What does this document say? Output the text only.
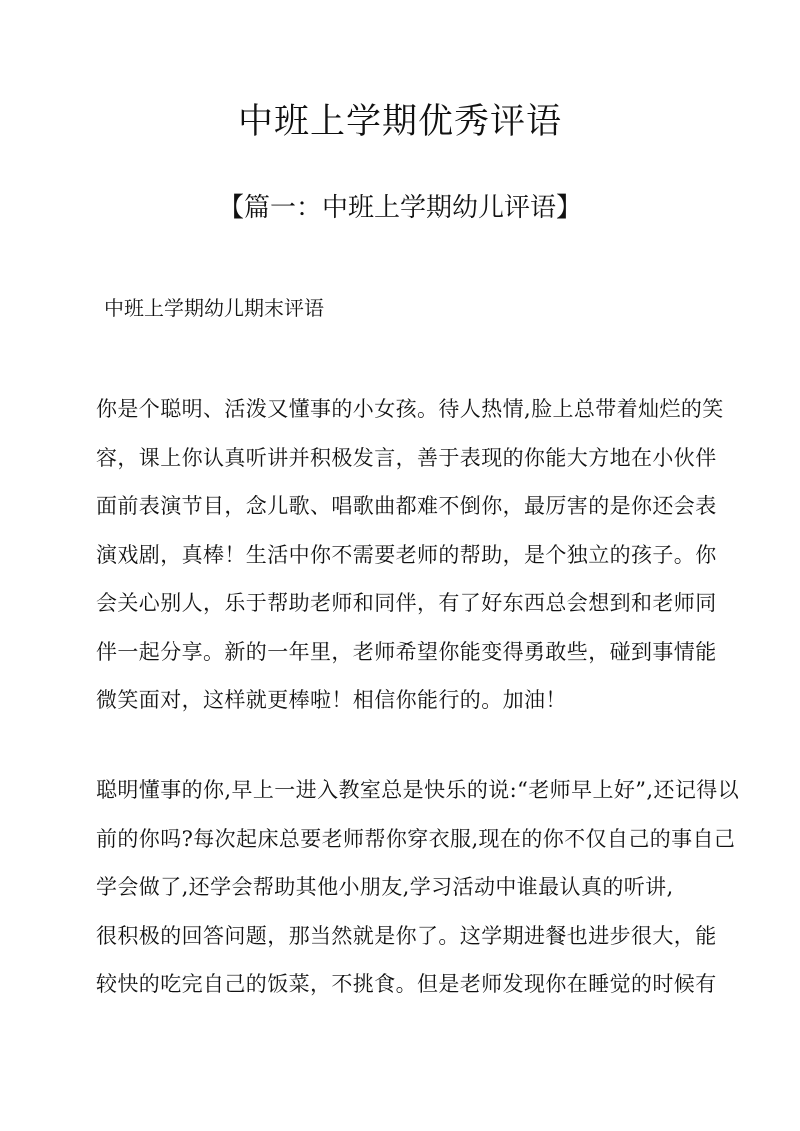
中班上学期优秀评语
【篇一：中班上学期幼儿评语】
中班上学期幼儿期末评语
你是个聪明、活泼又懂事的小女孩。待人热情,脸上总带着灿烂的笑
容，课上你认真听讲并积极发言，善于表现的你能大方地在小伙伴
面前表演节目，念儿歌、唱歌曲都难不倒你，最厉害的是你还会表
演戏剧，真棒！生活中你不需要老师的帮助，是个独立的孩子。你
会关心别人，乐于帮助老师和同伴，有了好东西总会想到和老师同
伴一起分享。新的一年里，老师希望你能变得勇敢些，碰到事情能
微笑面对，这样就更棒啦！相信你能行的。加油！
聪明懂事的你,早上一进入教室总是快乐的说:“老师早上好”,还记得以
前的你吗?每次起床总要老师帮你穿衣服,现在的你不仅自己的事自己
学会做了,还学会帮助其他小朋友,学习活动中谁最认真的听讲,
很积极的回答问题，那当然就是你了。这学期进餐也进步很大，能
较快的吃完自己的饭菜，不挑食。但是老师发现你在睡觉的时候有
